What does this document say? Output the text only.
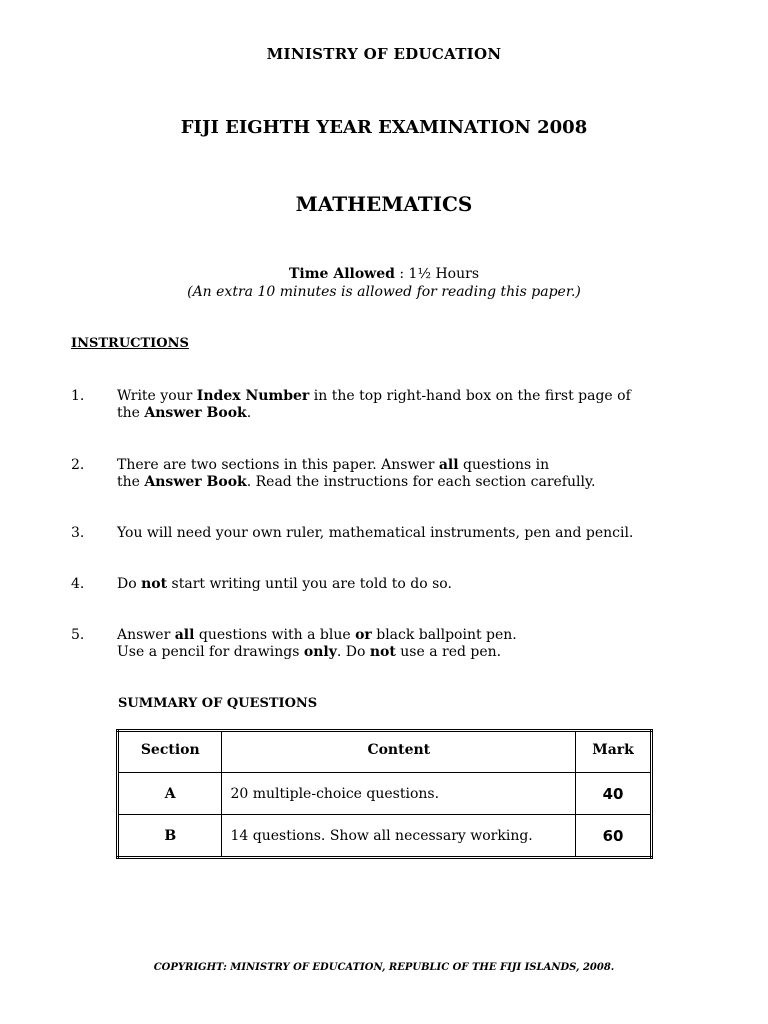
MINISTRY OF EDUCATION
FIJI EIGHTH YEAR EXAMINATION 2008
MATHEMATICS
Time Allowed : 1½ Hours
(An extra 10 minutes is allowed for reading this paper.)
INSTRUCTIONS
1. Write your Index Number in the top right-hand box on the first page of
the Answer Book.
2. There are two sections in this paper. Answer all questions in
the Answer Book. Read the instructions for each section carefully.
3. You will need your own ruler, mathematical instruments, pen and pencil.
4. Do not start writing until you are told to do so.
5. Answer all questions with a blue or black ballpoint pen.
Use a pencil for drawings only. Do not use a red pen.
SUMMARY OF QUESTIONS
Section	Content	Mark
A	20 multiple-choice questions.	40
B	14 questions. Show all necessary working.	60
COPYRIGHT: MINISTRY OF EDUCATION, REPUBLIC OF THE FIJI ISLANDS, 2008.
